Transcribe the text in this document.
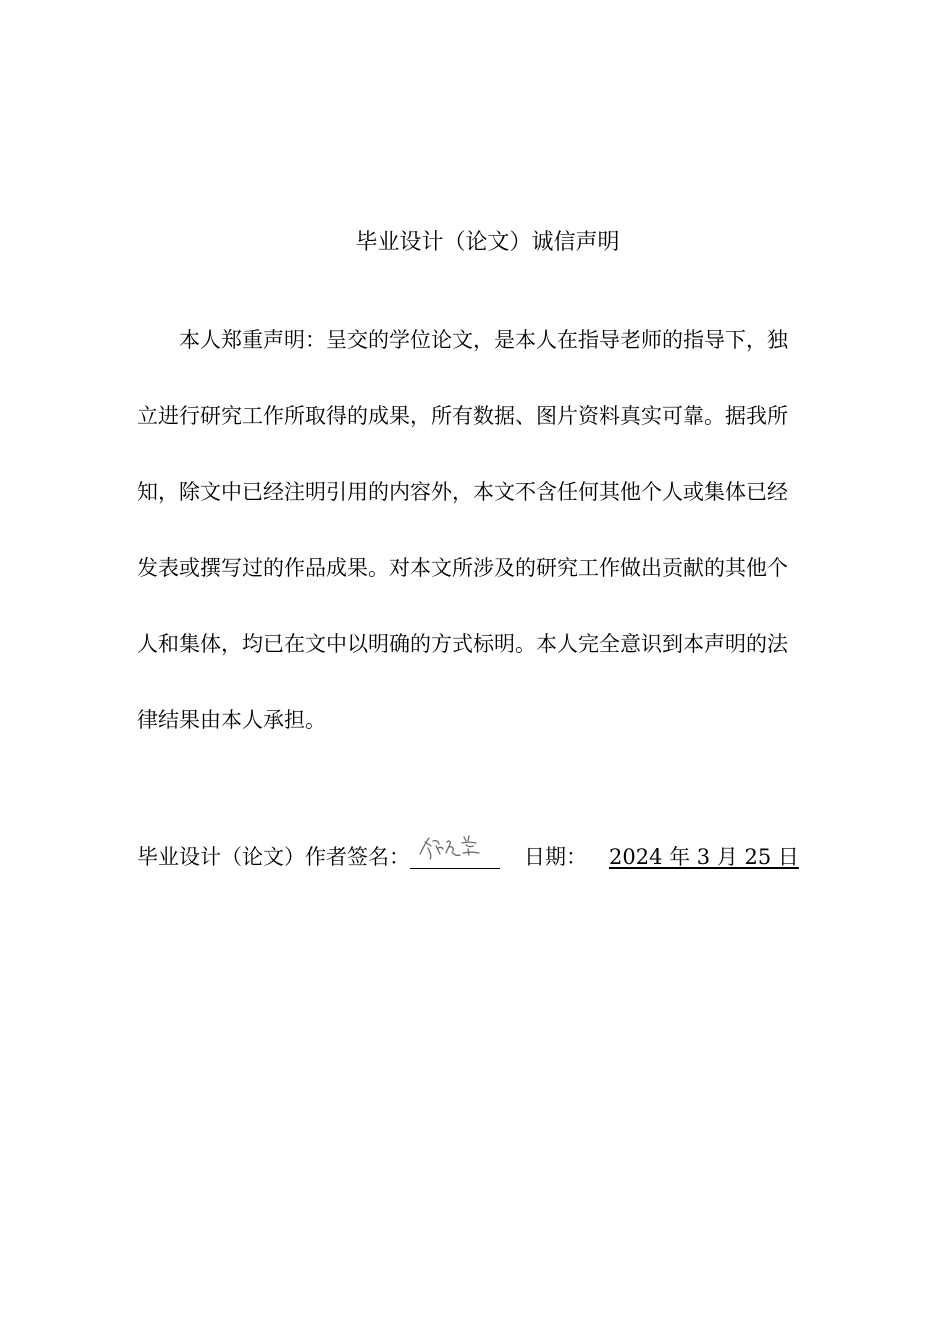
毕业设计（论文）诚信声明
本人郑重声明：呈交的学位论文，是本人在指导老师的指导下，独
立进行研究工作所取得的成果，所有数据、图片资料真实可靠。据我所
知，除文中已经注明引用的内容外，本文不含任何其他个人或集体已经
发表或撰写过的作品成果。对本文所涉及的研究工作做出贡献的其他个
人和集体，均已在文中以明确的方式标明。本人完全意识到本声明的法
律结果由本人承担。
毕业设计（论文）作者签名：	日期： 2024 年 3 月 25 日
